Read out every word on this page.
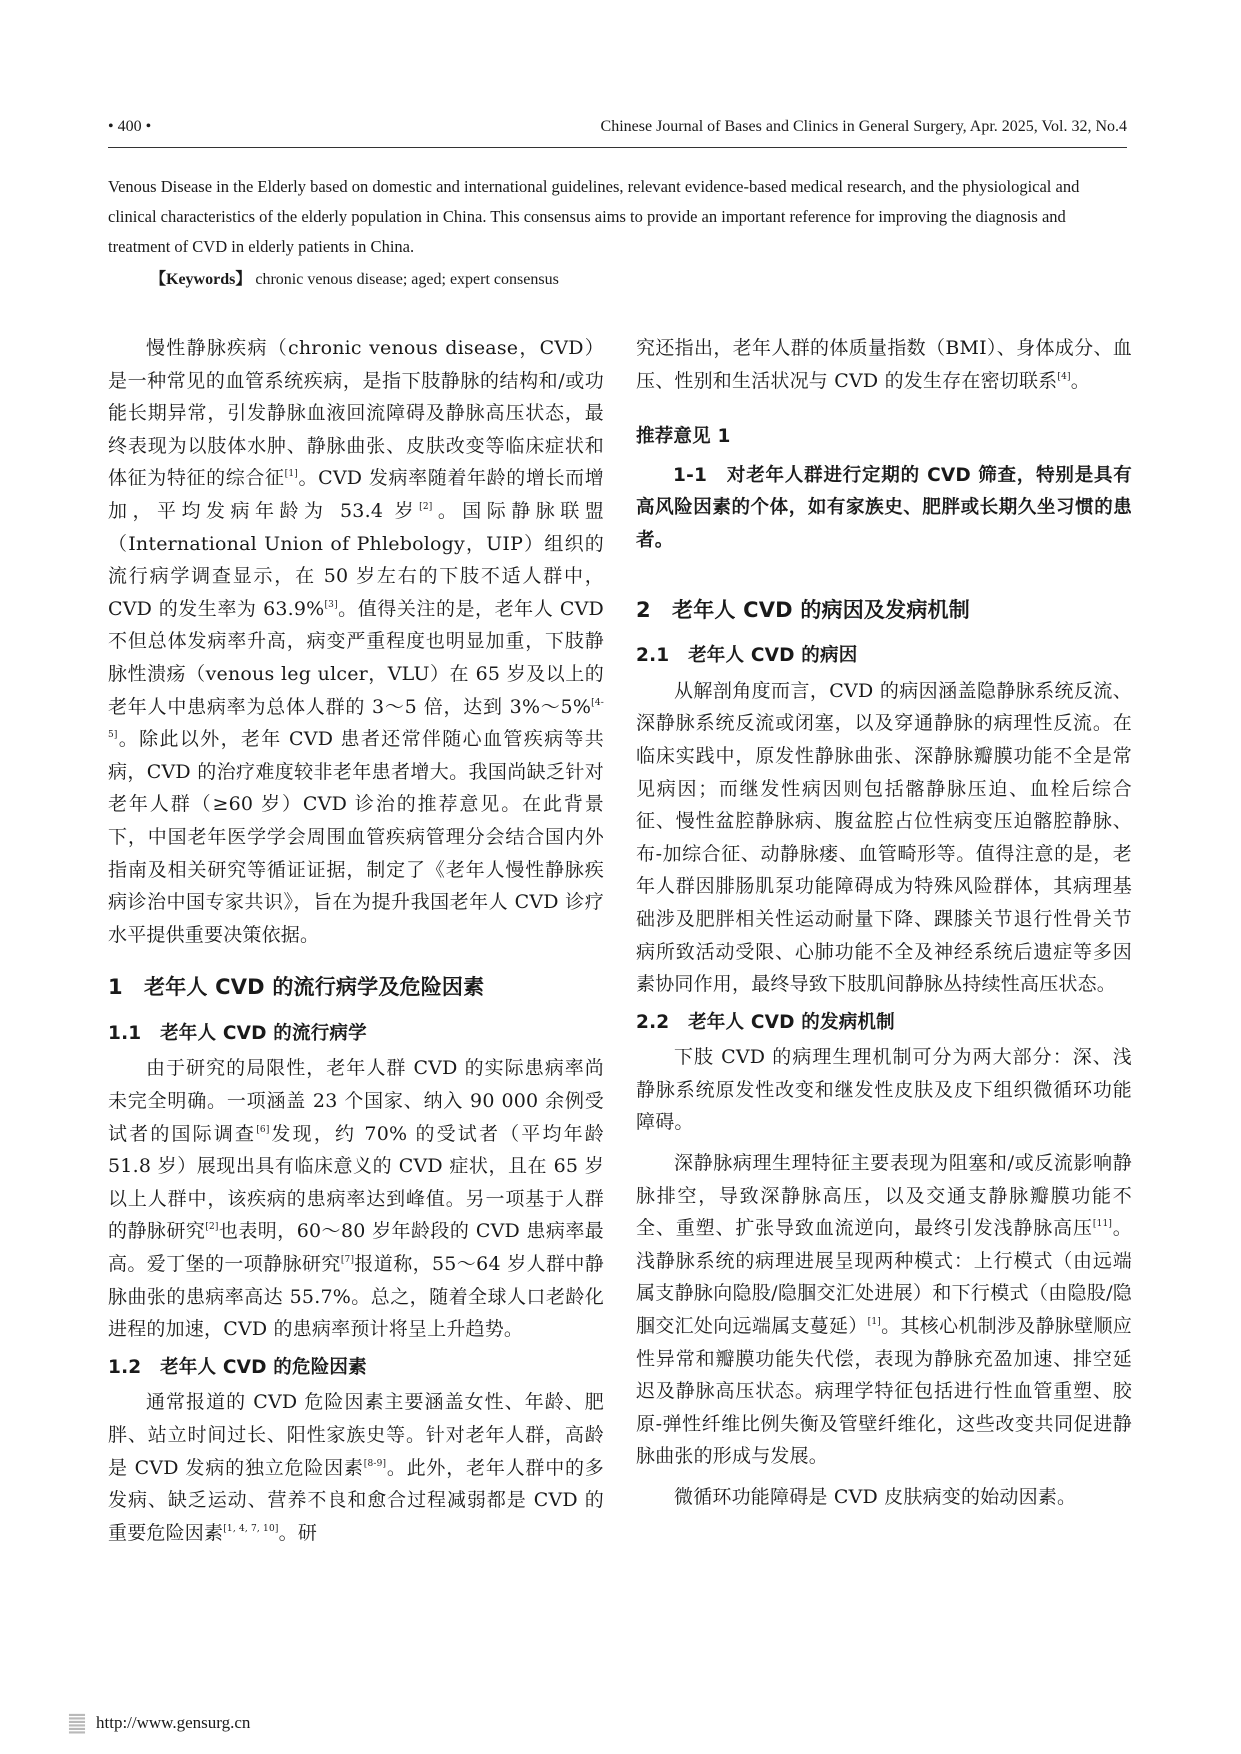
• 400 •	Chinese Journal of Bases and Clinics in General Surgery, Apr. 2025, Vol. 32, No.4

Venous Disease in the Elderly based on domestic and international guidelines, relevant evidence-based medical research, and the physiological and clinical characteristics of the elderly population in China. This consensus aims to provide an important reference for improving the diagnosis and treatment of CVD in elderly patients in China.

【Keywords】 chronic venous disease; aged; expert consensus

慢性静脉疾病（chronic venous disease，CVD）是一种常见的血管系统疾病，是指下肢静脉的结构和/或功能长期异常，引发静脉血液回流障碍及静脉高压状态，最终表现为以肢体水肿、静脉曲张、皮肤改变等临床症状和体征为特征的综合征[1]。CVD 发病率随着年龄的增长而增加，平均发病年龄为 53.4 岁[2]。国际静脉联盟（International Union of Phlebology，UIP）组织的流行病学调查显示，在 50 岁左右的下肢不适人群中，CVD 的发生率为 63.9%[3]。值得关注的是，老年人 CVD 不但总体发病率升高，病变严重程度也明显加重，下肢静脉性溃疡（venous leg ulcer，VLU）在 65 岁及以上的老年人中患病率为总体人群的 3～5 倍，达到 3%～5%[4-5]。除此以外，老年 CVD 患者还常伴随心血管疾病等共病，CVD 的治疗难度较非老年患者增大。我国尚缺乏针对老年人群（≥60 岁）CVD 诊治的推荐意见。在此背景下，中国老年医学学会周围血管疾病管理分会结合国内外指南及相关研究等循证证据，制定了《老年人慢性静脉疾病诊治中国专家共识》，旨在为提升我国老年人 CVD 诊疗水平提供重要决策依据。

1　老年人 CVD 的流行病学及危险因素
1.1　老年人 CVD 的流行病学

由于研究的局限性，老年人群 CVD 的实际患病率尚未完全明确。一项涵盖 23 个国家、纳入 90 000 余例受试者的国际调查[6]发现，约 70% 的受试者（平均年龄 51.8 岁）展现出具有临床意义的 CVD 症状，且在 65 岁以上人群中，该疾病的患病率达到峰值。另一项基于人群的静脉研究[2]也表明，60～80 岁年龄段的 CVD 患病率最高。爱丁堡的一项静脉研究[7]报道称，55～64 岁人群中静脉曲张的患病率高达 55.7%。总之，随着全球人口老龄化进程的加速，CVD 的患病率预计将呈上升趋势。

1.2　老年人 CVD 的危险因素

通常报道的 CVD 危险因素主要涵盖女性、年龄、肥胖、站立时间过长、阳性家族史等。针对老年人群，高龄是 CVD 发病的独立危险因素[8-9]。此外，老年人群中的多发病、缺乏运动、营养不良和愈合过程减弱都是 CVD 的重要危险因素[1, 4, 7, 10]。研

究还指出，老年人群的体质量指数（BMI）、身体成分、血压、性别和生活状况与 CVD 的发生存在密切联系[4]。

推荐意见 1

1-1　对老年人群进行定期的 CVD 筛查，特别是具有高风险因素的个体，如有家族史、肥胖或长期久坐习惯的患者。

2　老年人 CVD 的病因及发病机制
2.1　老年人 CVD 的病因

从解剖角度而言，CVD 的病因涵盖隐静脉系统反流、深静脉系统反流或闭塞，以及穿通静脉的病理性反流。在临床实践中，原发性静脉曲张、深静脉瓣膜功能不全是常见病因；而继发性病因则包括髂静脉压迫、血栓后综合征、慢性盆腔静脉病、腹盆腔占位性病变压迫髂腔静脉、布-加综合征、动静脉瘘、血管畸形等。值得注意的是，老年人群因腓肠肌泵功能障碍成为特殊风险群体，其病理基础涉及肥胖相关性运动耐量下降、踝膝关节退行性骨关节病所致活动受限、心肺功能不全及神经系统后遗症等多因素协同作用，最终导致下肢肌间静脉丛持续性高压状态。

2.2　老年人 CVD 的发病机制

下肢 CVD 的病理生理机制可分为两大部分：深、浅静脉系统原发性改变和继发性皮肤及皮下组织微循环功能障碍。

深静脉病理生理特征主要表现为阻塞和/或反流影响静脉排空，导致深静脉高压，以及交通支静脉瓣膜功能不全、重塑、扩张导致血流逆向，最终引发浅静脉高压[11]。浅静脉系统的病理进展呈现两种模式：上行模式（由远端属支静脉向隐股/隐腘交汇处进展）和下行模式（由隐股/隐腘交汇处向远端属支蔓延）[1]。其核心机制涉及静脉壁顺应性异常和瓣膜功能失代偿，表现为静脉充盈加速、排空延迟及静脉高压状态。病理学特征包括进行性血管重塑、胶原-弹性纤维比例失衡及管壁纤维化，这些改变共同促进静脉曲张的形成与发展。

微循环功能障碍是 CVD 皮肤病变的始动因素。

䷀ http://www.gensurg.cn
